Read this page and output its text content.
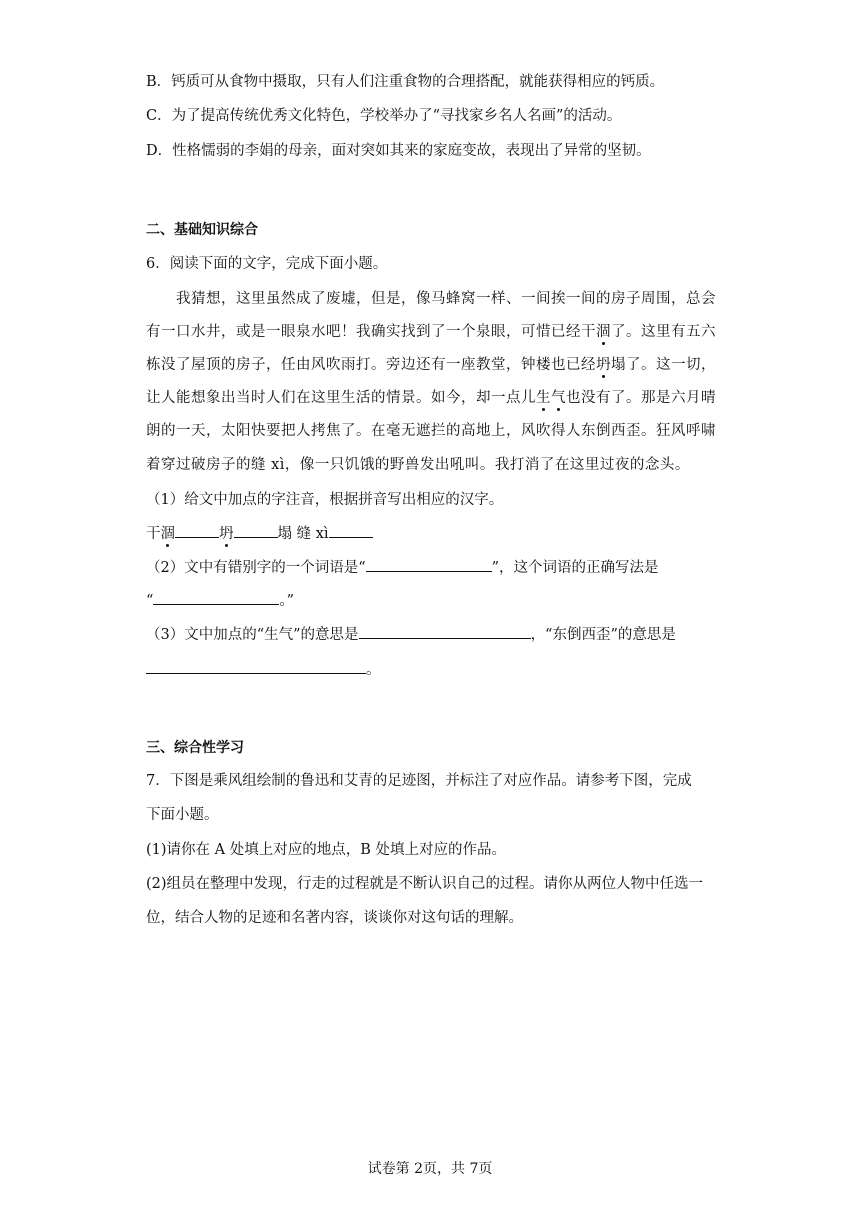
B．钙质可从食物中摄取，只有人们注重食物的合理搭配，就能获得相应的钙质。
C．为了提高传统优秀文化特色，学校举办了“寻找家乡名人名画”的活动。
D．性格懦弱的李娟的母亲，面对突如其来的家庭变故，表现出了异常的坚韧。
二、基础知识综合
6．阅读下面的文字，完成下面小题。
我猜想，这里虽然成了废墟，但是，像马蜂窝一样、一间挨一间的房子周围，总会
有一口水井，或是一眼泉水吧！我确实找到了一个泉眼，可惜已经干涸了。这里有五六
栋没了屋顶的房子，任由风吹雨打。旁边还有一座教堂，钟楼也已经坍塌了。这一切，
让人能想象出当时人们在这里生活的情景。如今，却一点儿生气也没有了。那是六月晴
朗的一天，太阳快要把人拷焦了。在毫无遮拦的高地上，风吹得人东倒西歪。狂风呼啸
着穿过破房子的缝 xì，像一只饥饿的野兽发出吼叫。我打消了在这里过夜的念头。
（1）给文中加点的字注音，根据拼音写出相应的汉字。
干涸	坍	塌 缝 xì
（2）文中有错别字的一个词语是“	”，这个词语的正确写法是
“	。”
（3）文中加点的“生气”的意思是	，“东倒西歪”的意思是
。
三、综合性学习
7．下图是乘风组绘制的鲁迅和艾青的足迹图，并标注了对应作品。请参考下图，完成
下面小题。
(1)请你在 A 处填上对应的地点，B 处填上对应的作品。
(2)组员在整理中发现，行走的过程就是不断认识自己的过程。请你从两位人物中任选一
位，结合人物的足迹和名著内容，谈谈你对这句话的理解。
试卷第 2页，共 7页
